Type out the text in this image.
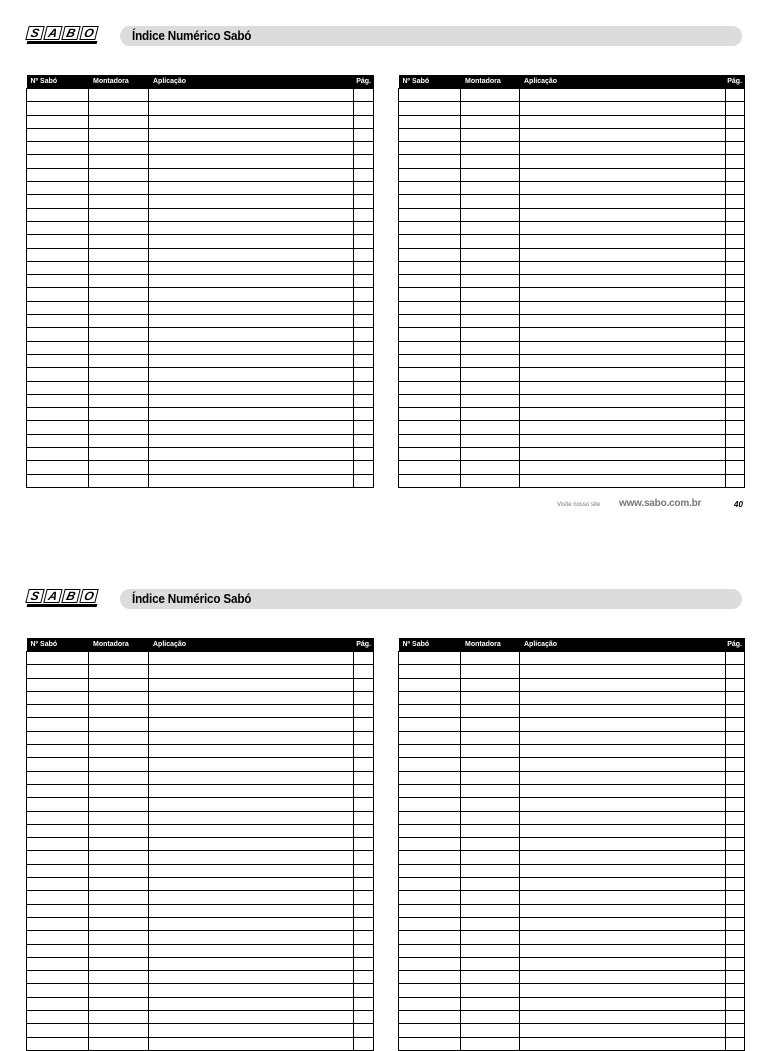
S A B O	Índice Numérico Sabó
Nº Sabó	Montadora	Aplicação	Pág.

				Nº Sabó	Montadora	Aplicação	Pág.

Visite nosso site www.sabo.com.br	40
S A B O	Índice Numérico Sabó
Nº Sabó	Montadora	Aplicação	Pág.

				Nº Sabó	Montadora	Aplicação	Pág.
